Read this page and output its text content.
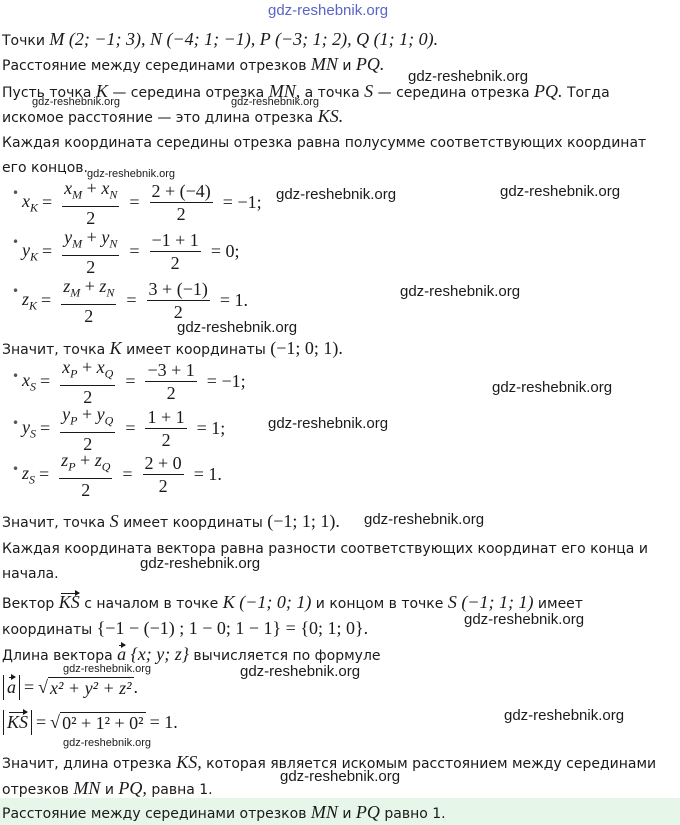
gdz-reshebnik.org
Точки M (2; −1; 3), N (−4; 1; −1), P (−3; 1; 2), Q (1; 1; 0).
Расстояние между серединами отрезков MN и PQ.
gdz-reshebnik.org
Пусть точка K — середина отрезка MN, а точка S — середина отрезка PQ. Тогда
gdz-reshebnik.org	gdz-reshebnik.org
искомое расстояние — это длина отрезка KS.
Каждая координата середины отрезка равна полусумме соответствующих координат
его концов. gdz-reshebnik.org
• $x_K = \frac{x_M + x_N}{2} = \frac{2 + (-4)}{2} = -1$; gdz-reshebnik.org	gdz-reshebnik.org
• $y_K = \frac{y_M + y_N}{2} = \frac{-1 + 1}{2} = 0$;
• $z_K = \frac{z_M + z_N}{2} = \frac{3 + (-1)}{2} = 1$.	gdz-reshebnik.org
gdz-reshebnik.org
Значит, точка K имеет координаты (−1; 0; 1).
• $x_S = \frac{x_P + x_Q}{2} = \frac{-3 + 1}{2} = -1$;	gdz-reshebnik.org
• $y_S = \frac{y_P + y_Q}{2} = \frac{1 + 1}{2} = 1$;	gdz-reshebnik.org
• $z_S = \frac{z_P + z_Q}{2} = \frac{2 + 0}{2} = 1$.
Значит, точка S имеет координаты (−1; 1; 1). gdz-reshebnik.org
Каждая координата вектора равна разности соответствующих координат его конца и
начала.
gdz-reshebnik.org
Вектор KS с началом в точке K (−1; 0; 1) и концом в точке S (−1; 1; 1) имеет
координаты {−1 − (−1) ; 1 − 0; 1 − 1} = {0; 1; 0}.	gdz-reshebnik.org
Длина вектора a {x; y; z} вычисляется по формуле
gdz-reshebnik.org	gdz-reshebnik.org
a = √ x² + y² + z² .
KS = √ 0² + 1² + 0² = 1.	gdz-reshebnik.org
gdz-reshebnik.org
Значит, длина отрезка KS, которая является искомым расстоянием между серединами
отрезков MN и PQ, равна 1.
gdz-reshebnik.org
Расстояние между серединами отрезков MN и PQ равно 1.
